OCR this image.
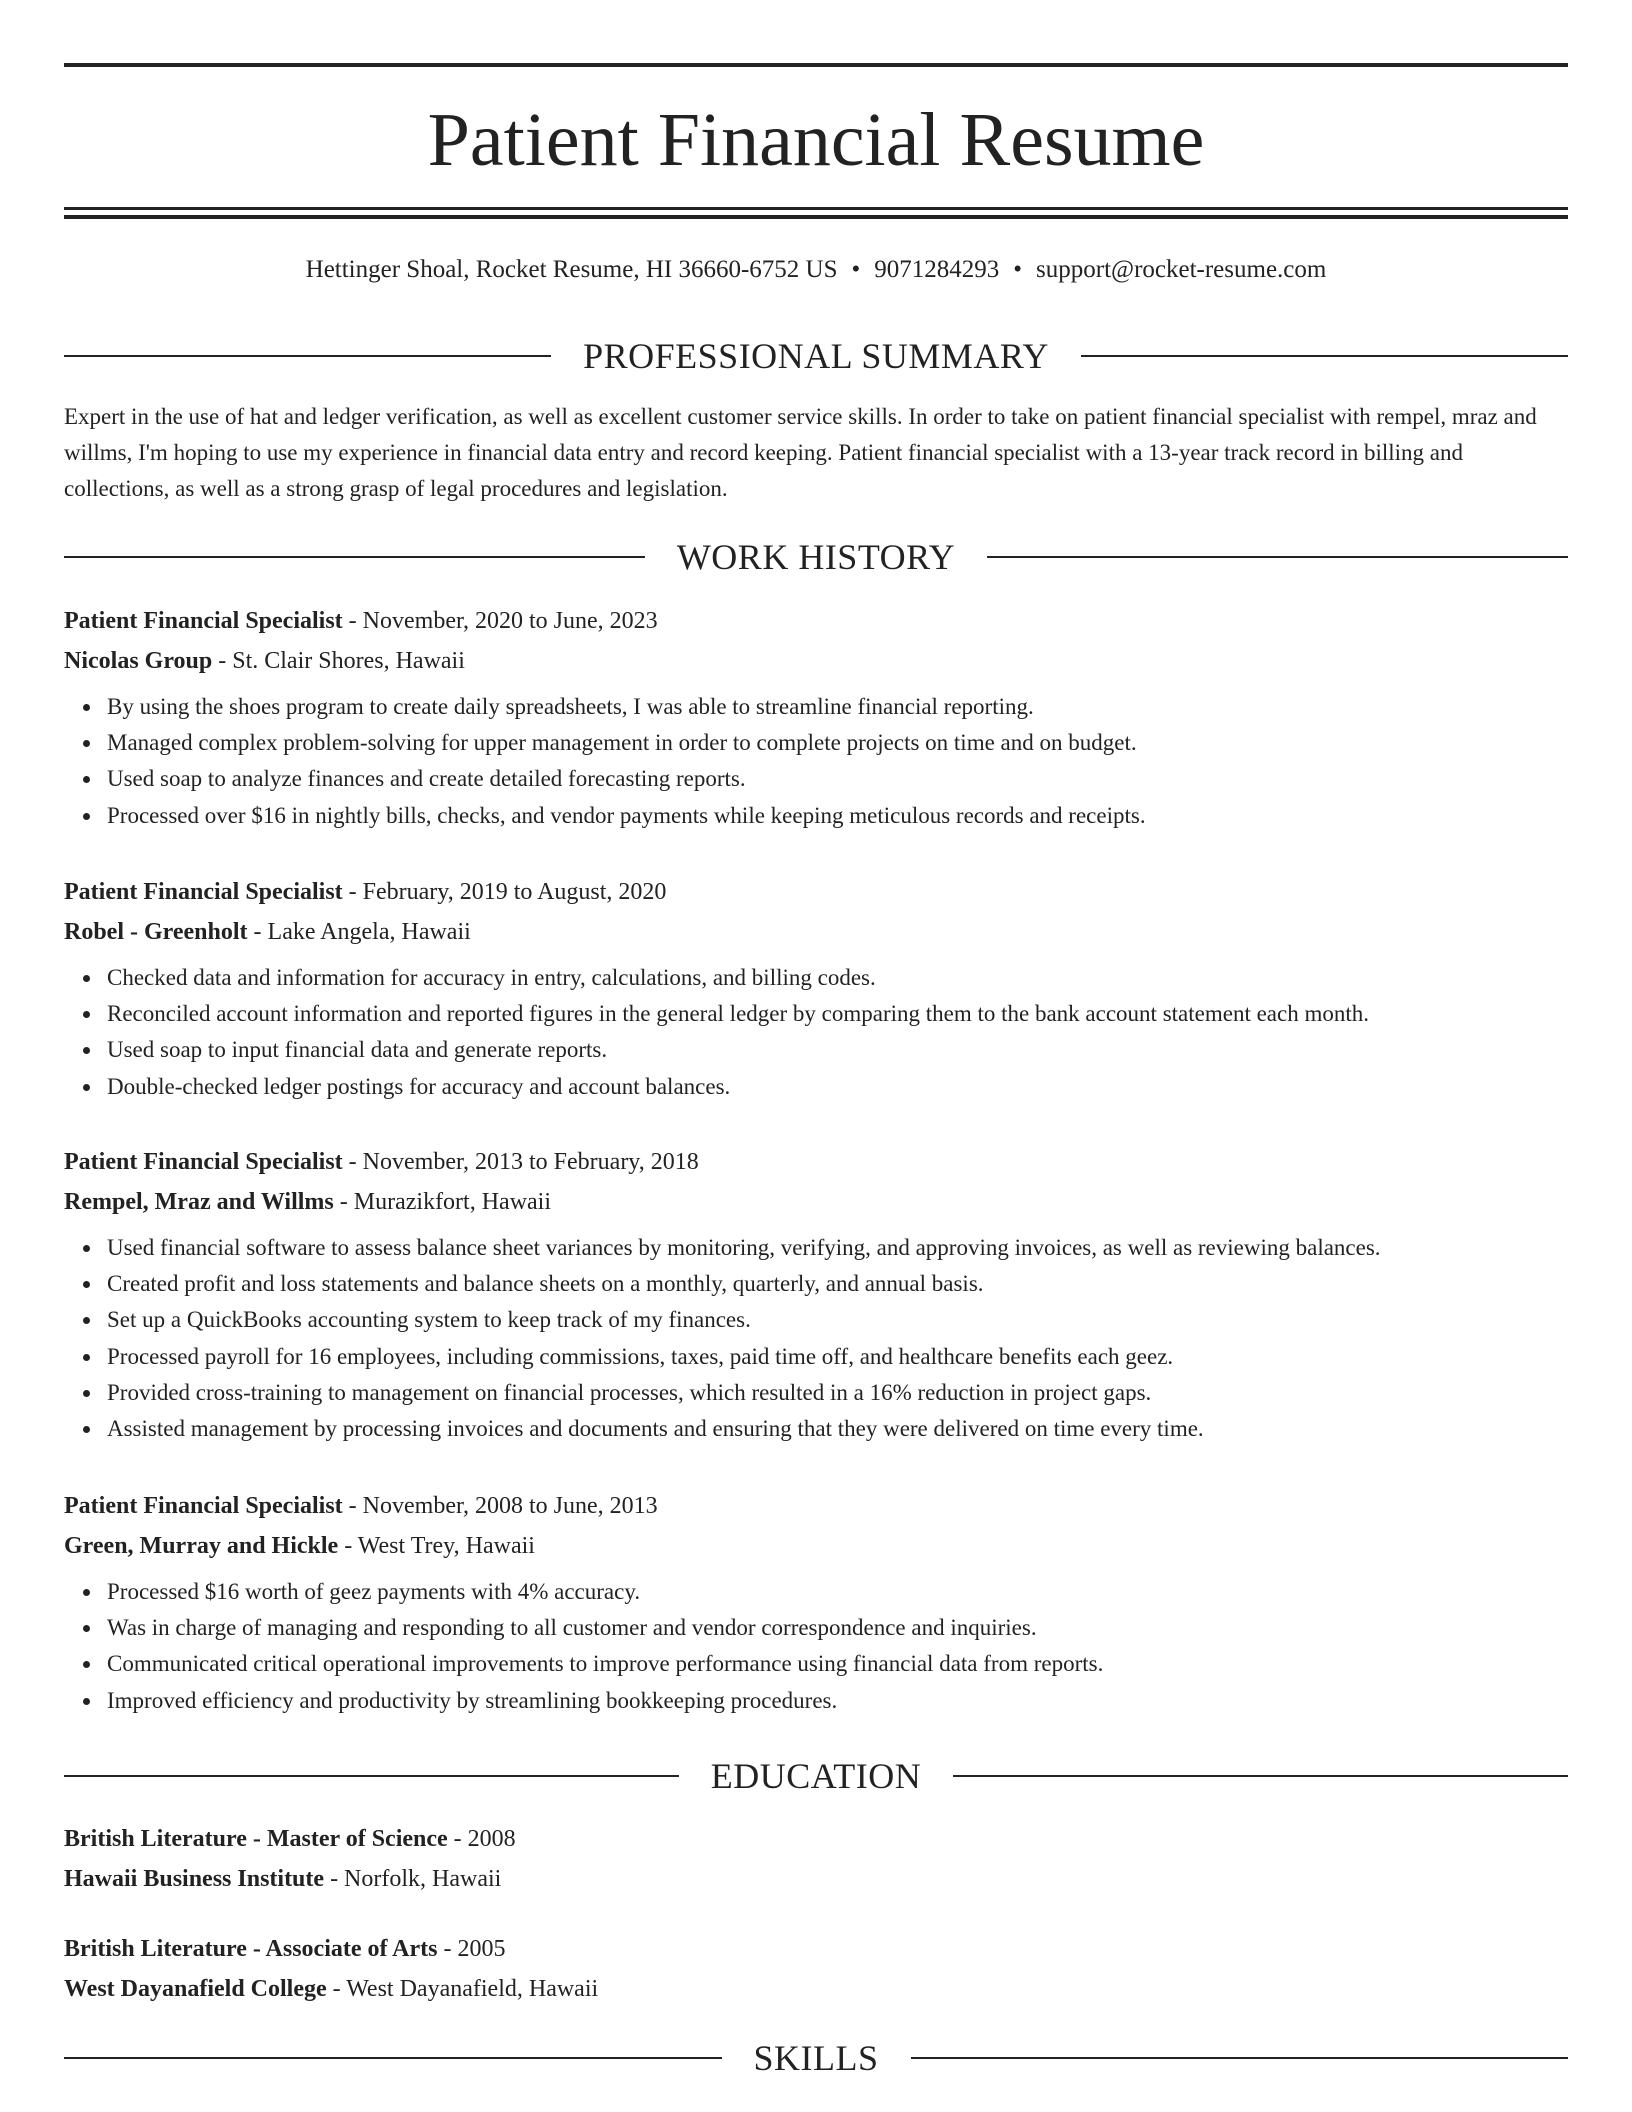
Patient Financial Resume
Hettinger Shoal, Rocket Resume, HI 36660-6752 US • 9071284293 • support@rocket-resume.com
PROFESSIONAL SUMMARY

Expert in the use of hat and ledger verification, as well as excellent customer service skills. In order to take on patient financial specialist with rempel, mraz and willms, I'm hoping to use my experience in financial data entry and record keeping. Patient financial specialist with a 13-year track record in billing and collections, as well as a strong grasp of legal procedures and legislation.

WORK HISTORY
Patient Financial Specialist - November, 2020 to June, 2023
Nicolas Group - St. Clair Shores, Hawaii
By using the shoes program to create daily spreadsheets, I was able to streamline financial reporting.
Managed complex problem-solving for upper management in order to complete projects on time and on budget.
Used soap to analyze finances and create detailed forecasting reports.
Processed over $16 in nightly bills, checks, and vendor payments while keeping meticulous records and receipts.
Patient Financial Specialist - February, 2019 to August, 2020
Robel - Greenholt - Lake Angela, Hawaii
Checked data and information for accuracy in entry, calculations, and billing codes.
Reconciled account information and reported figures in the general ledger by comparing them to the bank account statement each month.
Used soap to input financial data and generate reports.
Double-checked ledger postings for accuracy and account balances.
Patient Financial Specialist - November, 2013 to February, 2018
Rempel, Mraz and Willms - Murazikfort, Hawaii
Used financial software to assess balance sheet variances by monitoring, verifying, and approving invoices, as well as reviewing balances.
Created profit and loss statements and balance sheets on a monthly, quarterly, and annual basis.
Set up a QuickBooks accounting system to keep track of my finances.
Processed payroll for 16 employees, including commissions, taxes, paid time off, and healthcare benefits each geez.
Provided cross-training to management on financial processes, which resulted in a 16% reduction in project gaps.
Assisted management by processing invoices and documents and ensuring that they were delivered on time every time.
Patient Financial Specialist - November, 2008 to June, 2013
Green, Murray and Hickle - West Trey, Hawaii
Processed $16 worth of geez payments with 4% accuracy.
Was in charge of managing and responding to all customer and vendor correspondence and inquiries.
Communicated critical operational improvements to improve performance using financial data from reports.
Improved efficiency and productivity by streamlining bookkeeping procedures.
EDUCATION
British Literature - Master of Science - 2008
Hawaii Business Institute - Norfolk, Hawaii
British Literature - Associate of Arts - 2005
West Dayanafield College - West Dayanafield, Hawaii
SKILLS
